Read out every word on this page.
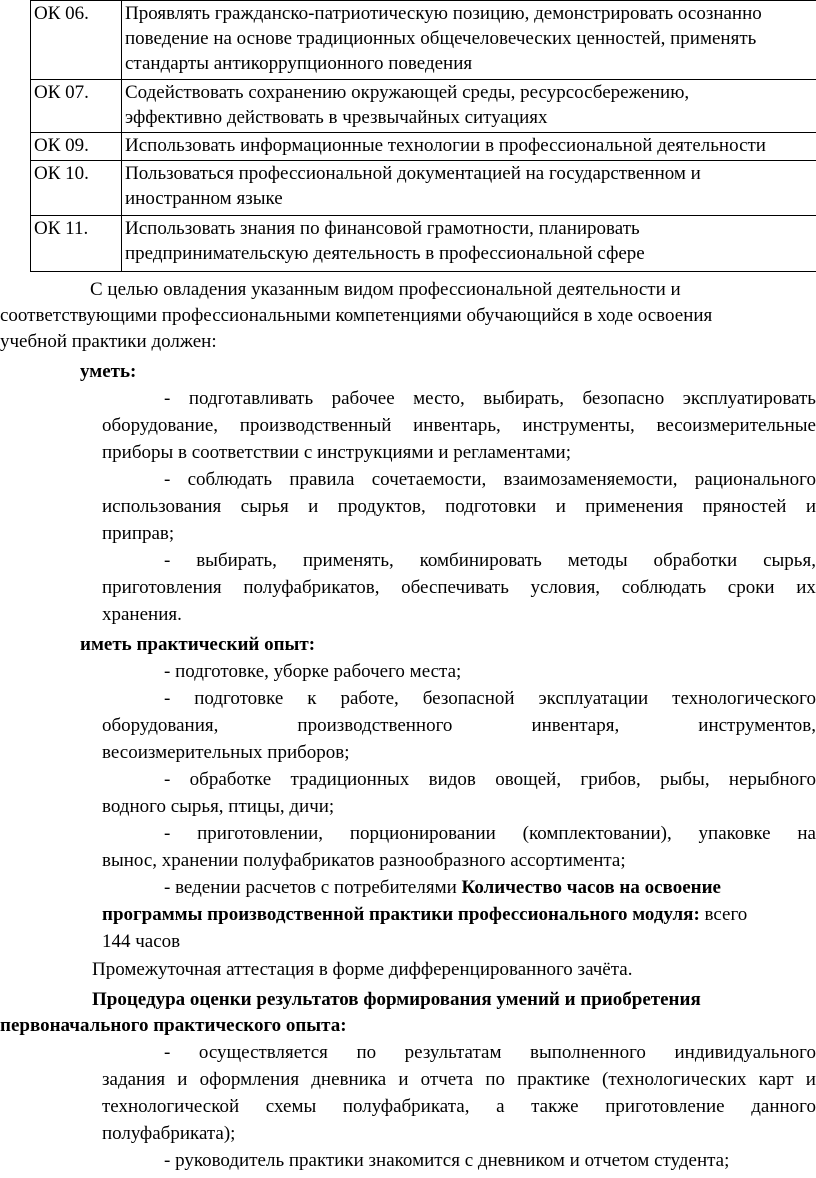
ОК 06.	Проявлять гражданско-патриотическую позицию, демонстрировать осознанно
поведение на основе традиционных общечеловеческих ценностей, применять
стандарты антикоррупционного поведения

ОК 07.	Содействовать сохранению окружающей среды, ресурсосбережению,
эффективно действовать в чрезвычайных ситуациях

ОК 09.	Использовать информационные технологии в профессиональной деятельности

ОК 10.	Пользоваться профессиональной документацией на государственном и
иностранном языке

ОК 11.	Использовать знания по финансовой грамотности, планировать
предпринимательскую деятельность в профессиональной сфере
С целью овладения указанным видом профессиональной деятельности и
соответствующими профессиональными компетенциями обучающийся в ходе освоения
учебной практики должен:
уметь:
- подготавливать рабочее место, выбирать, безопасно эксплуатировать
оборудование, производственный инвентарь, инструменты, весоизмерительные
приборы в соответствии с инструкциями и регламентами;
- соблюдать правила сочетаемости, взаимозаменяемости, рационального
использования сырья и продуктов, подготовки и применения пряностей и
приправ;
- выбирать, применять, комбинировать методы обработки сырья,
приготовления полуфабрикатов, обеспечивать условия, соблюдать сроки их
хранения.
иметь практический опыт:
- подготовке, уборке рабочего места;
- подготовке к работе, безопасной эксплуатации технологического
оборудования,	производственного	инвентаря,	инструментов,
весоизмерительных приборов;
- обработке традиционных видов овощей, грибов, рыбы, нерыбного
водного сырья, птицы, дичи;
- приготовлении, порционировании (комплектовании), упаковке на
вынос, хранении полуфабрикатов разнообразного ассортимента;
- ведении расчетов с потребителями Количество часов на освоение
программы производственной практики профессионального модуля: всего
144 часов
Промежуточная аттестация в форме дифференцированного зачёта.
Процедура оценки результатов формирования умений и приобретения
первоначального практического опыта:
- осуществляется по результатам выполненного индивидуального
задания и оформления дневника и отчета по практике (технологических карт и
технологической схемы полуфабриката, а также приготовление данного
полуфабриката);
- руководитель практики знакомится с дневником и отчетом студента;
